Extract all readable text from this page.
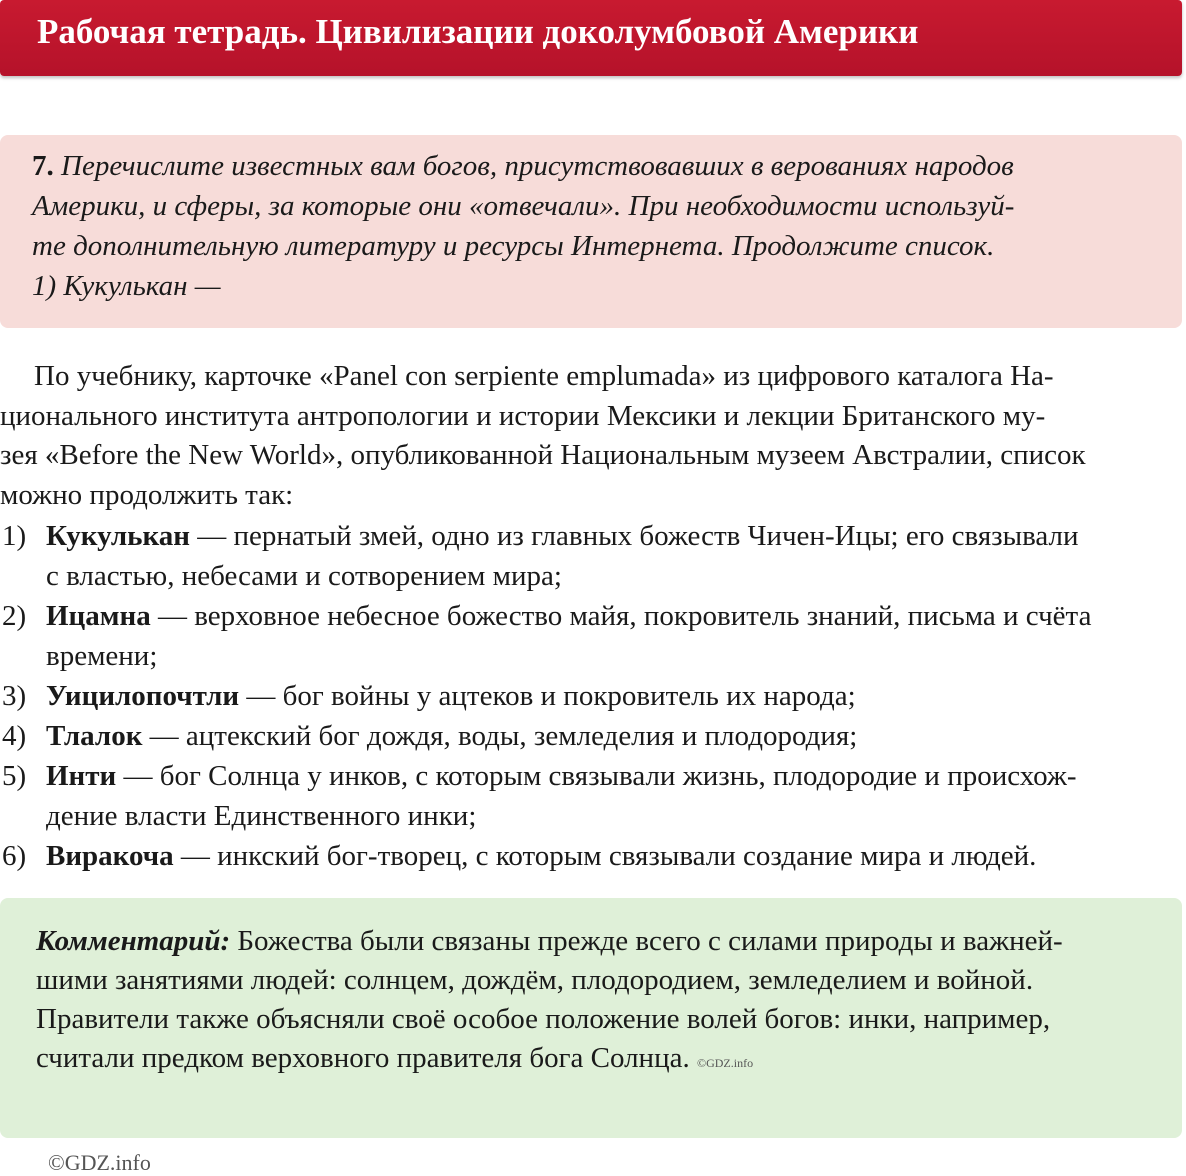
Рабочая тетрадь. Цивилизации доколумбовой Америки
7. Перечислите известных вам богов, присутствовавших в верованиях народов
Америки, и сферы, за которые они «отвечали». При необходимости используй-
те дополнительную литературу и ресурсы Интернета. Продолжите список.
1) Кукулькан —
По учебнику, карточке «Panel con serpiente emplumada» из цифрового каталога На-
ционального института антропологии и истории Мексики и лекции Британского му-
зея «Before the New World», опубликованной Национальным музеем Австралии, список
можно продолжить так:
1) Кукулькан — пернатый змей, одно из главных божеств Чичен-Ицы; его связывали
с властью, небесами и сотворением мира;
2) Ицамна — верховное небесное божество майя, покровитель знаний, письма и счёта
времени;
3) Уицилопочтли — бог войны у ацтеков и покровитель их народа;
4) Тлалок — ацтекский бог дождя, воды, земледелия и плодородия;
5) Инти — бог Солнца у инков, с которым связывали жизнь, плодородие и происхож-
дение власти Единственного инки;
6) Виракоча — инкский бог-творец, с которым связывали создание мира и людей.
Комментарий: Божества были связаны прежде всего с силами природы и важней-
шими занятиями людей: солнцем, дождём, плодородием, земледелием и войной.
Правители также объясняли своё особое положение волей богов: инки, например,
считали предком верховного правителя бога Солнца. ©GDZ.info
©GDZ.info
